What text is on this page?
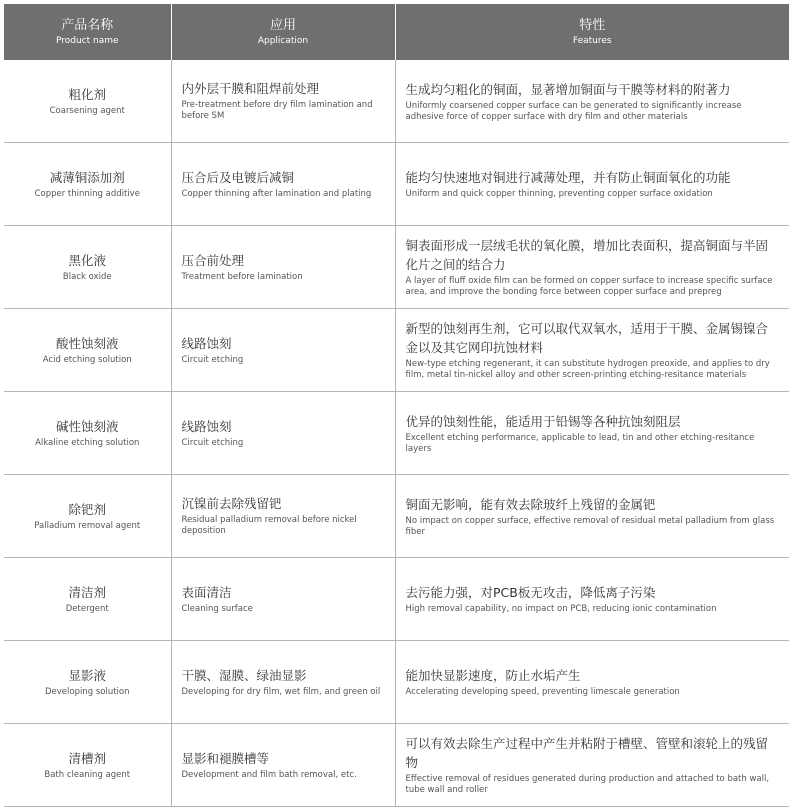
产品名称
Product name	应用
Application	特性
Features

粗化剂
Coarsening agent	内外层干膜和阻焊前处理
Pre-treatment before dry film lamination and before SM	生成均匀粗化的铜面，显著增加铜面与干膜等材料的附著力
Uniformly coarsened copper surface can be generated to significantly increase adhesive force of copper surface with dry film and other materials

减薄铜添加剂
Copper thinning additive	压合后及电镀后减铜
Copper thinning after lamination and plating	能均匀快速地对铜进行减薄处理，并有防止铜面氧化的功能
Uniform and quick copper thinning, preventing copper surface oxidation

黑化液
Black oxide	压合前处理
Treatment before lamination	铜表面形成一层绒毛状的氧化膜，增加比表面积，提高铜面与半固化片之间的结合力
A layer of fluff oxide film can be formed on copper surface to increase specific surface area, and improve the bonding force between copper surface and prepreg

酸性蚀刻液
Acid etching solution	线路蚀刻
Circuit etching	新型的蚀刻再生剂，它可以取代双氧水，适用于干膜、金属锡镍合金以及其它网印抗蚀材料
New-type etching regenerant, it can substitute hydrogen preoxide, and applies to dry film, metal tin-nickel alloy and other screen-printing etching-resitance materials

碱性蚀刻液
Alkaline etching solution	线路蚀刻
Circuit etching	优异的蚀刻性能，能适用于铅锡等各种抗蚀刻阻层
Excellent etching performance, applicable to lead, tin and other etching-resitance layers

除钯剂
Palladium removal agent	沉镍前去除残留钯
Residual palladium removal before nickel deposition	铜面无影响，能有效去除玻纤上残留的金属钯
No impact on copper surface, effective removal of residual metal palladium from glass fiber

清洁剂
Detergent	表面清洁
Cleaning surface	去污能力强，对PCB板无攻击，降低离子污染
High removal capability, no impact on PCB, reducing ionic contamination

显影液
Developing solution	干膜、湿膜、绿油显影
Developing for dry film, wet film, and green oil	能加快显影速度，防止水垢产生
Accelerating developing speed, preventing limescale generation

清槽剂
Bath cleaning agent	显影和褪膜槽等
Development and film bath removal, etc.	可以有效去除生产过程中产生并粘附于槽壁、管壁和滚轮上的残留物
Effective removal of residues generated during production and attached to bath wall, tube wall and roller
